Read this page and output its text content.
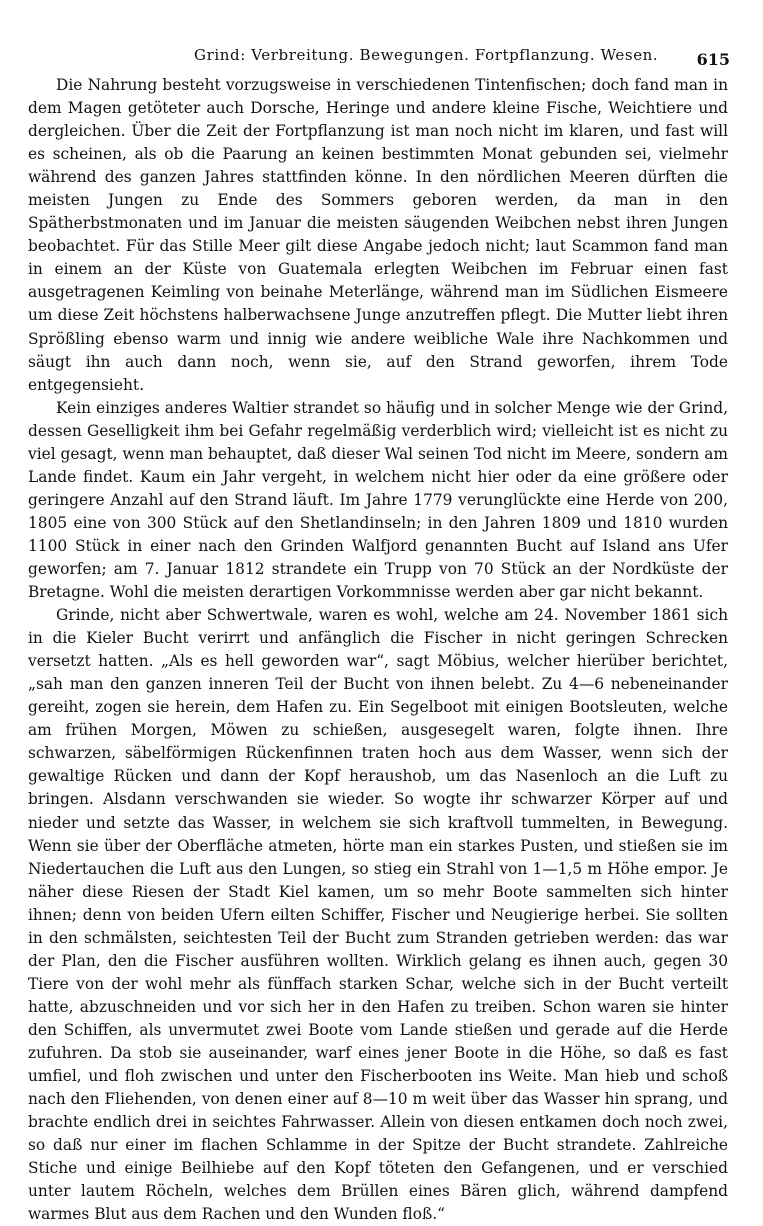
Grind: Verbreitung. Bewegungen. Fortpflanzung. Wesen. 615

Die Nahrung besteht vorzugsweise in verschiedenen Tintenfischen; doch fand man in dem Magen getöteter auch Dorsche, Heringe und andere kleine Fische, Weichtiere und dergleichen. Über die Zeit der Fortpflanzung ist man noch nicht im klaren, und fast will es scheinen, als ob die Paarung an keinen bestimmten Monat gebunden sei, vielmehr während des ganzen Jahres stattfinden könne. In den nördlichen Meeren dürften die meisten Jungen zu Ende des Sommers geboren werden, da man in den Spätherbstmonaten und im Januar die meisten säugenden Weibchen nebst ihren Jungen beobachtet. Für das Stille Meer gilt diese Angabe jedoch nicht; laut Scammon fand man in einem an der Küste von Guatemala erlegten Weibchen im Februar einen fast ausgetragenen Keimling von beinahe Meterlänge, während man im Südlichen Eismeere um diese Zeit höchstens halberwachsene Junge anzutreffen pflegt. Die Mutter liebt ihren Sprößling ebenso warm und innig wie andere weibliche Wale ihre Nachkommen und säugt ihn auch dann noch, wenn sie, auf den Strand geworfen, ihrem Tode entgegensieht.

Kein einziges anderes Waltier strandet so häufig und in solcher Menge wie der Grind, dessen Geselligkeit ihm bei Gefahr regelmäßig verderblich wird; vielleicht ist es nicht zu viel gesagt, wenn man behauptet, daß dieser Wal seinen Tod nicht im Meere, sondern am Lande findet. Kaum ein Jahr vergeht, in welchem nicht hier oder da eine größere oder geringere Anzahl auf den Strand läuft. Im Jahre 1779 verunglückte eine Herde von 200, 1805 eine von 300 Stück auf den Shetlandinseln; in den Jahren 1809 und 1810 wurden 1100 Stück in einer nach den Grinden Walfjord genannten Bucht auf Island ans Ufer geworfen; am 7. Januar 1812 strandete ein Trupp von 70 Stück an der Nordküste der Bretagne. Wohl die meisten derartigen Vorkommnisse werden aber gar nicht bekannt.

Grinde, nicht aber Schwertwale, waren es wohl, welche am 24. November 1861 sich in die Kieler Bucht verirrt und anfänglich die Fischer in nicht geringen Schrecken versetzt hatten. „Als es hell geworden war“, sagt Möbius, welcher hierüber berichtet, „sah man den ganzen inneren Teil der Bucht von ihnen belebt. Zu 4—6 nebeneinander gereiht, zogen sie herein, dem Hafen zu. Ein Segelboot mit einigen Bootsleuten, welche am frühen Morgen, Möwen zu schießen, ausgesegelt waren, folgte ihnen. Ihre schwarzen, säbelförmigen Rückenfinnen traten hoch aus dem Wasser, wenn sich der gewaltige Rücken und dann der Kopf heraushob, um das Nasenloch an die Luft zu bringen. Alsdann verschwanden sie wieder. So wogte ihr schwarzer Körper auf und nieder und setzte das Wasser, in welchem sie sich kraftvoll tummelten, in Bewegung. Wenn sie über der Oberfläche atmeten, hörte man ein starkes Pusten, und stießen sie im Niedertauchen die Luft aus den Lungen, so stieg ein Strahl von 1—1,5 m Höhe empor. Je näher diese Riesen der Stadt Kiel kamen, um so mehr Boote sammelten sich hinter ihnen; denn von beiden Ufern eilten Schiffer, Fischer und Neugierige herbei. Sie sollten in den schmälsten, seichtesten Teil der Bucht zum Stranden getrieben werden: das war der Plan, den die Fischer ausführen wollten. Wirklich gelang es ihnen auch, gegen 30 Tiere von der wohl mehr als fünffach starken Schar, welche sich in der Bucht verteilt hatte, abzuschneiden und vor sich her in den Hafen zu treiben. Schon waren sie hinter den Schiffen, als unvermutet zwei Boote vom Lande stießen und gerade auf die Herde zufuhren. Da stob sie auseinander, warf eines jener Boote in die Höhe, so daß es fast umfiel, und floh zwischen und unter den Fischerbooten ins Weite. Man hieb und schoß nach den Fliehenden, von denen einer auf 8—10 m weit über das Wasser hin sprang, und brachte endlich drei in seichtes Fahrwasser. Allein von diesen entkamen doch noch zwei, so daß nur einer im flachen Schlamme in der Spitze der Bucht strandete. Zahlreiche Stiche und einige Beilhiebe auf den Kopf töteten den Gefangenen, und er verschied unter lautem Röcheln, welches dem Brüllen eines Bären glich, während dampfend warmes Blut aus dem Rachen und den Wunden floß.“
